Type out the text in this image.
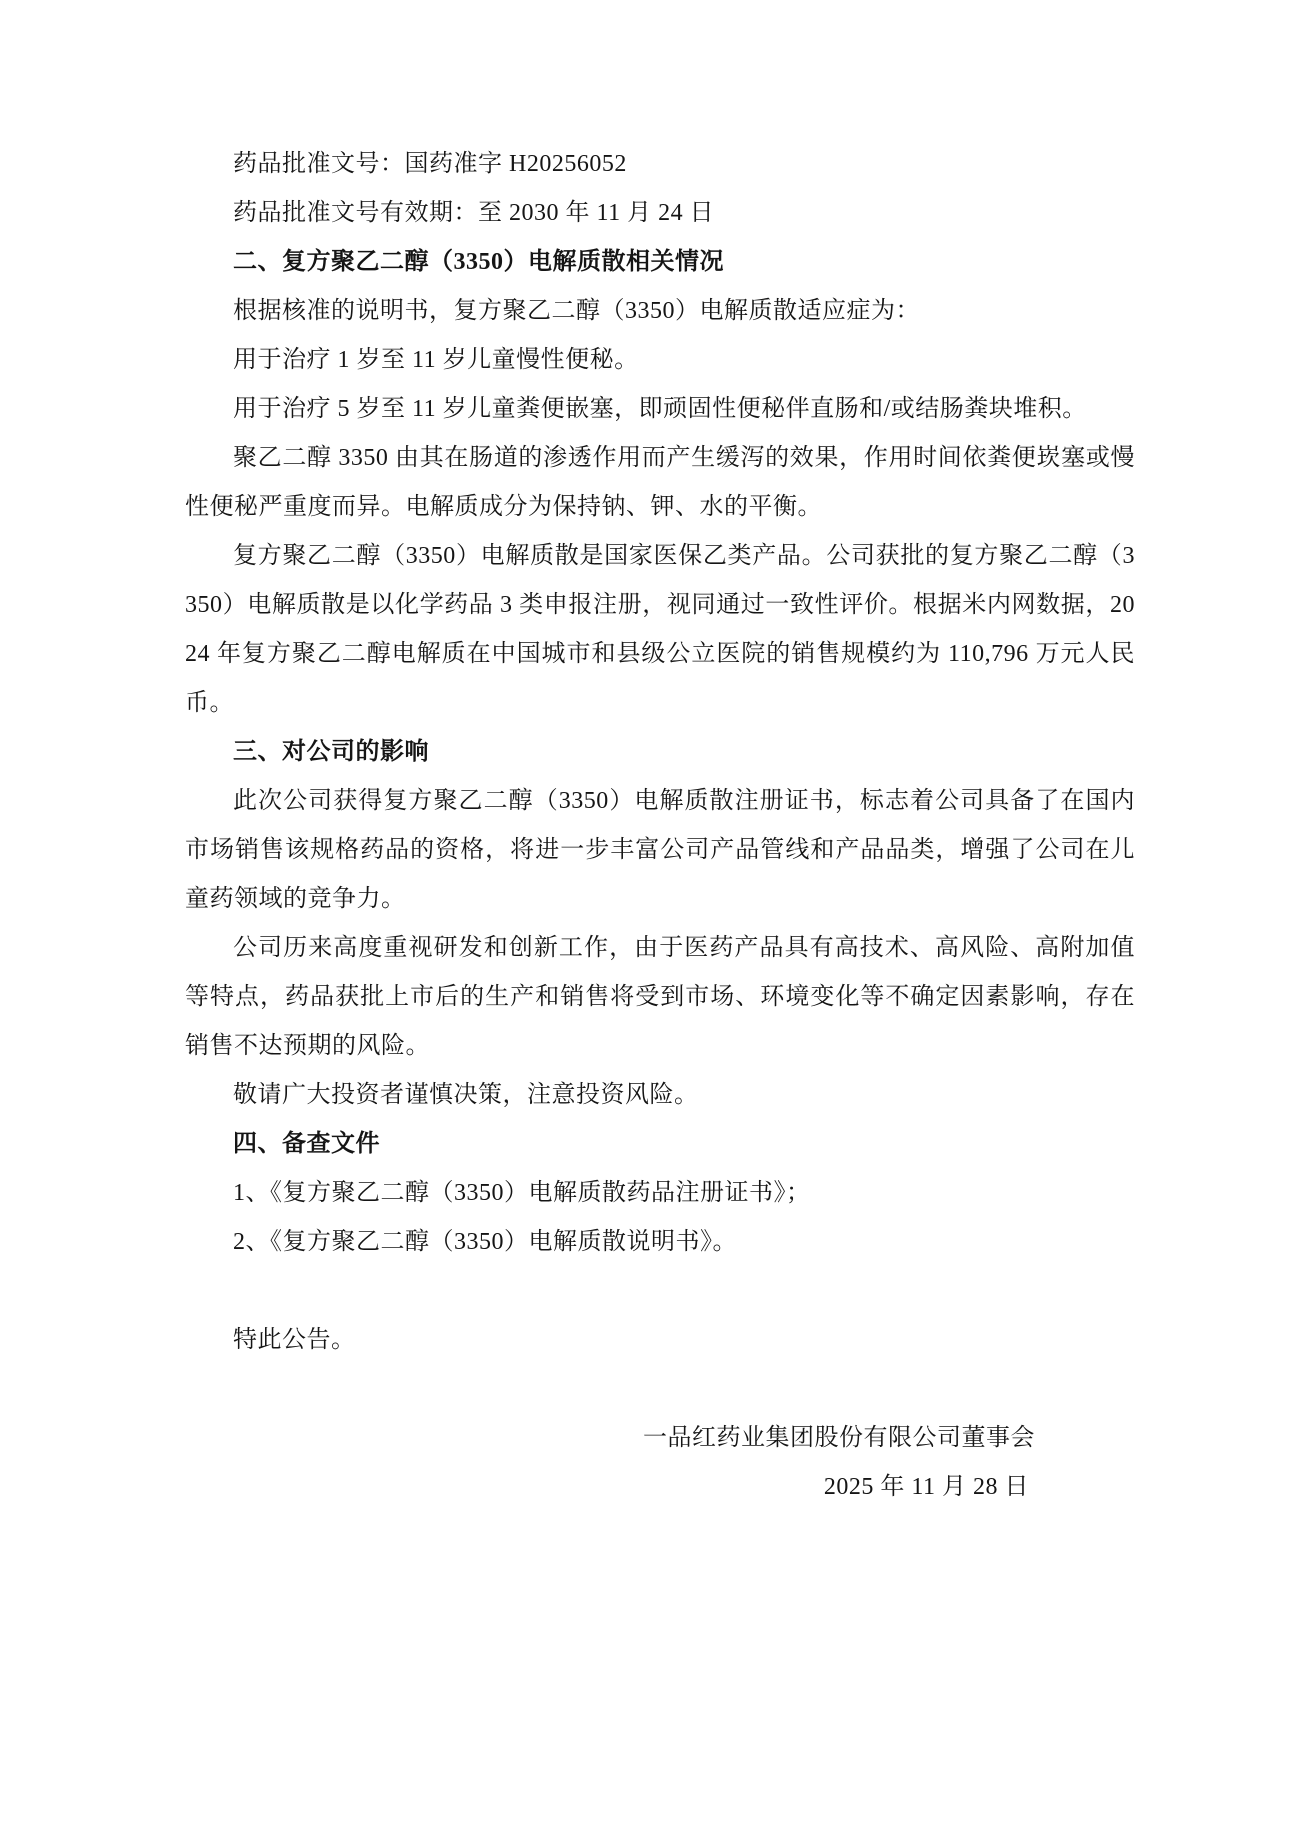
药品批准文号：国药准字 H20256052

药品批准文号有效期：至 2030 年 11 月 24 日

二、复方聚乙二醇（3350）电解质散相关情况

根据核准的说明书，复方聚乙二醇（3350）电解质散适应症为：

用于治疗 1 岁至 11 岁儿童慢性便秘。

用于治疗 5 岁至 11 岁儿童粪便嵌塞，即顽固性便秘伴直肠和/或结肠粪块堆积。

聚乙二醇 3350 由其在肠道的渗透作用而产生缓泻的效果，作用时间依粪便崁塞或慢性便秘严重度而异。电解质成分为保持钠、钾、水的平衡。

复方聚乙二醇（3350）电解质散是国家医保乙类产品。公司获批的复方聚乙二醇（3350）电解质散是以化学药品 3 类申报注册，视同通过一致性评价。根据米内网数据，2024 年复方聚乙二醇电解质在中国城市和县级公立医院的销售规模约为 110,796 万元人民币。

三、对公司的影响

此次公司获得复方聚乙二醇（3350）电解质散注册证书，标志着公司具备了在国内市场销售该规格药品的资格，将进一步丰富公司产品管线和产品品类，增强了公司在儿童药领域的竞争力。

公司历来高度重视研发和创新工作，由于医药产品具有高技术、高风险、高附加值等特点，药品获批上市后的生产和销售将受到市场、环境变化等不确定因素影响，存在销售不达预期的风险。

敬请广大投资者谨慎决策，注意投资风险。

四、备查文件

1、《复方聚乙二醇（3350）电解质散药品注册证书》；

2、《复方聚乙二醇（3350）电解质散说明书》。

特此公告。

一品红药业集团股份有限公司董事会

2025 年 11 月 28 日
